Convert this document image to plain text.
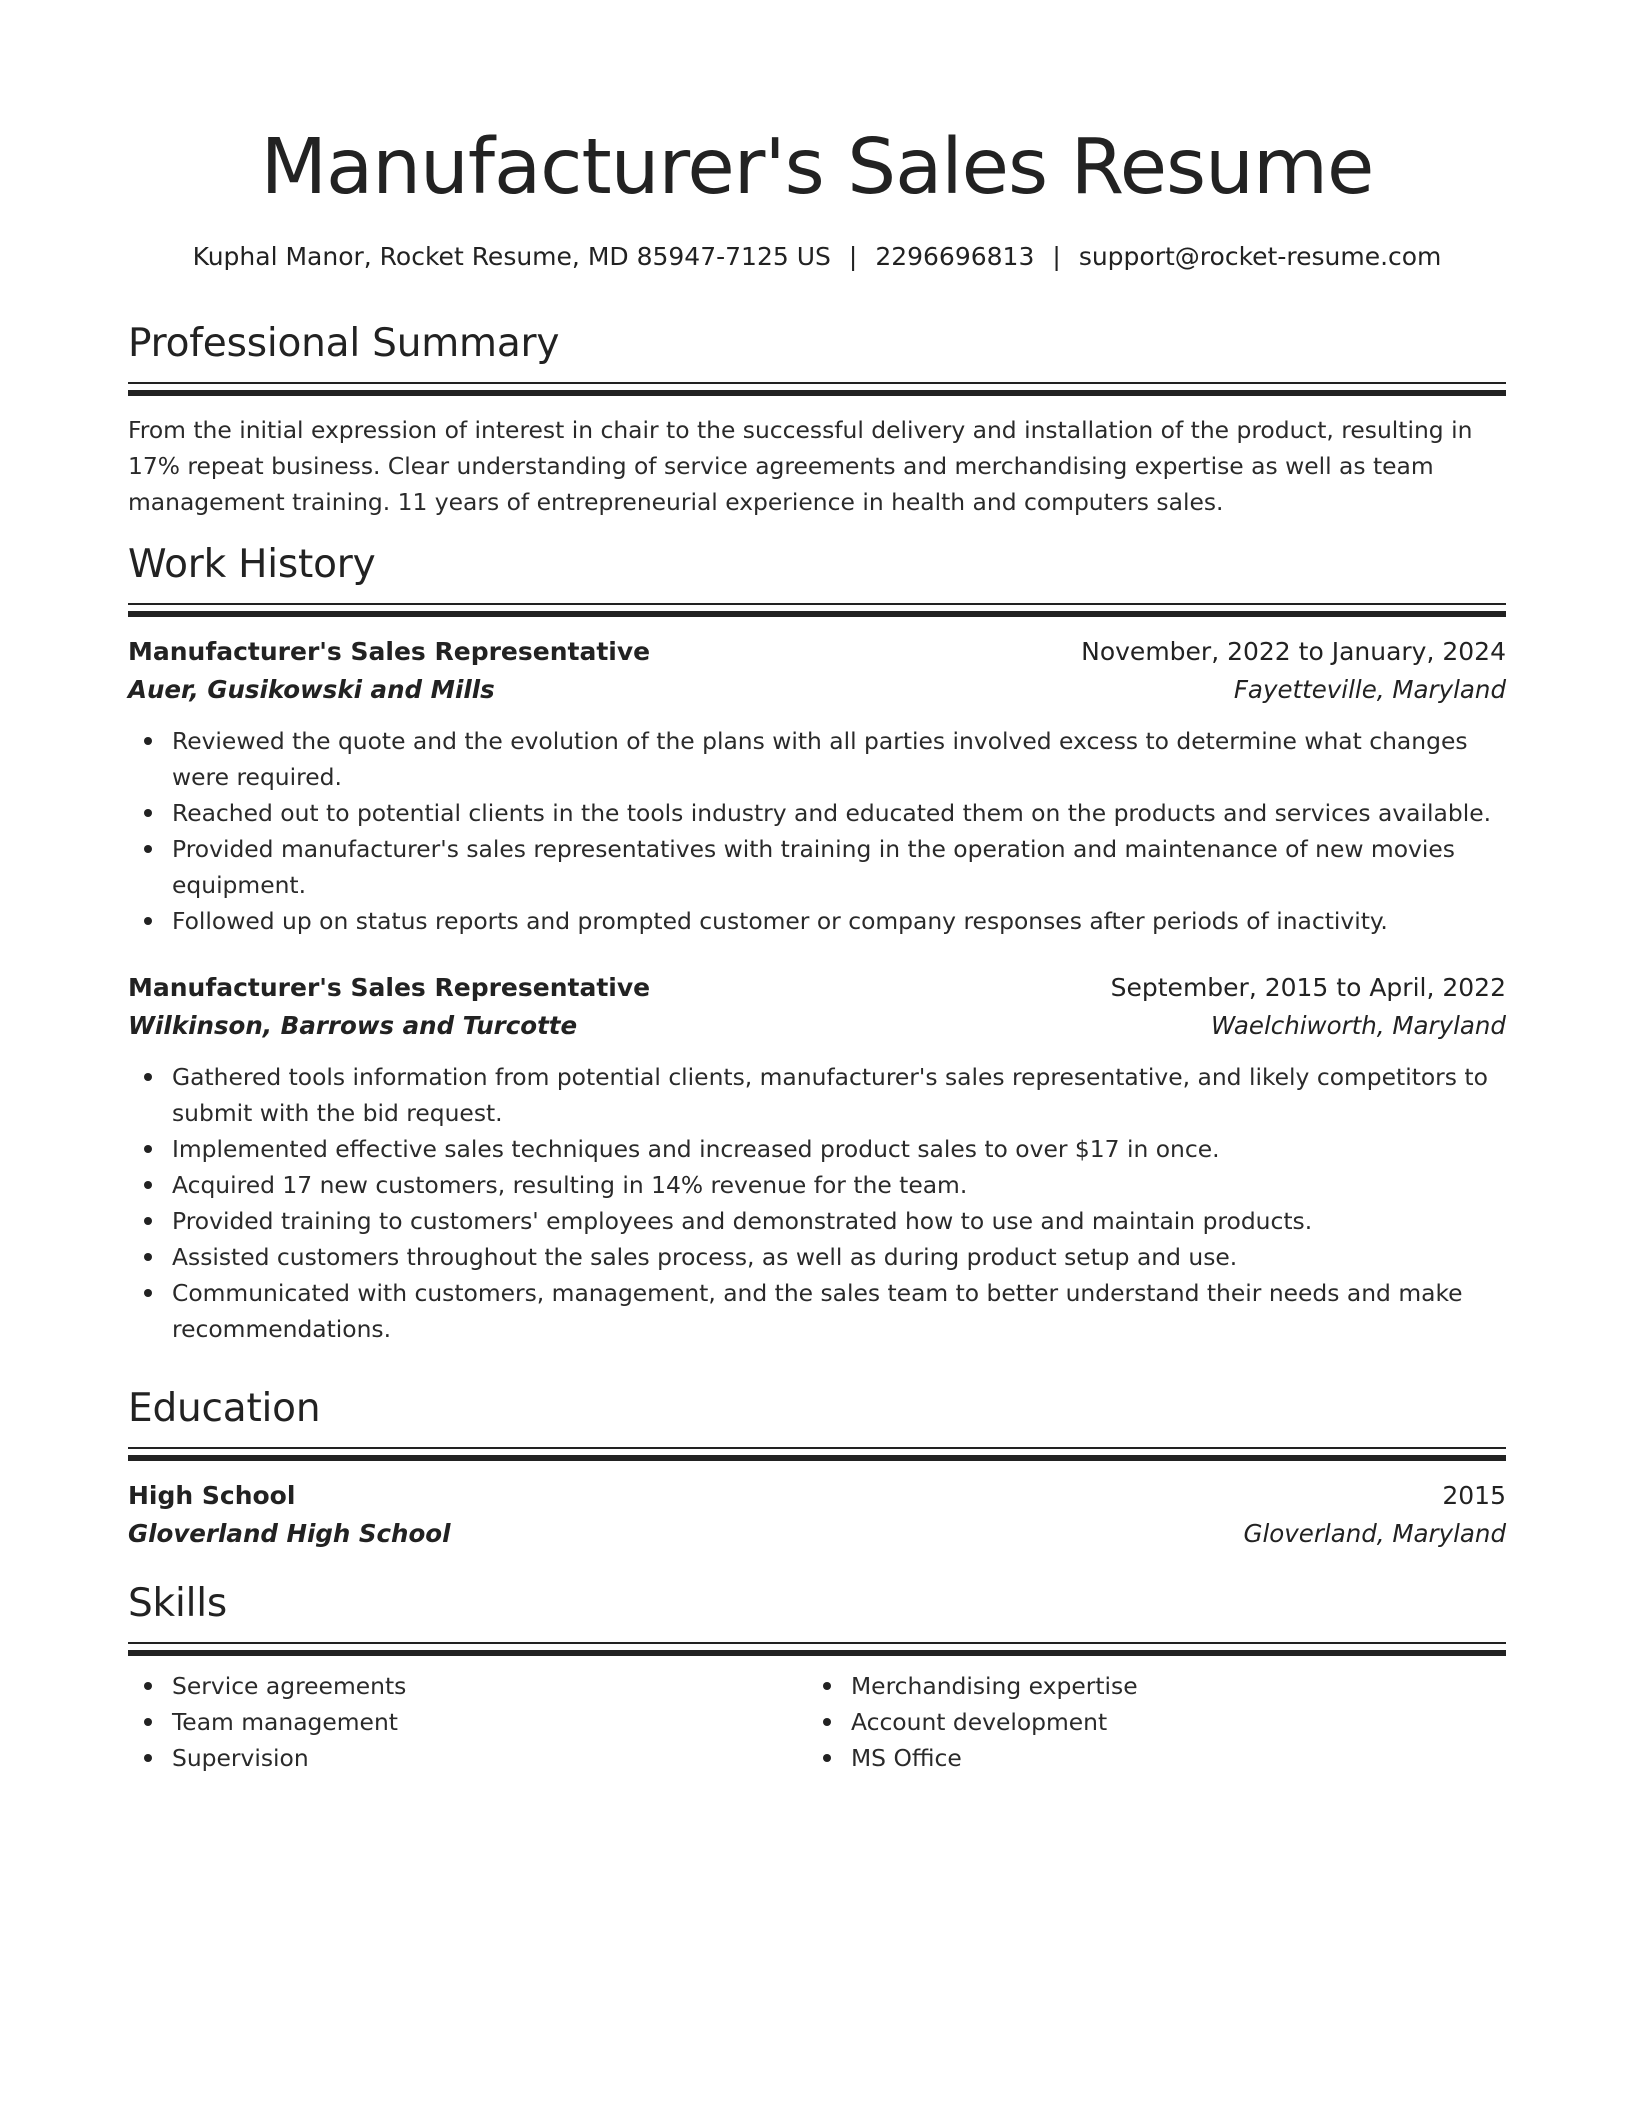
Manufacturer's Sales Resume
Kuphal Manor, Rocket Resume, MD 85947-7125 US | 2296696813 | support@rocket-resume.com
Professional Summary

From the initial expression of interest in chair to the successful delivery and installation of the product, resulting in 17% repeat business. Clear understanding of service agreements and merchandising expertise as well as team management training. 11 years of entrepreneurial experience in health and computers sales.

Work History
Manufacturer's Sales Representative	November, 2022 to January, 2024
Auer, Gusikowski and Mills	Fayetteville, Maryland
Reviewed the quote and the evolution of the plans with all parties involved excess to determine what changes were required.
Reached out to potential clients in the tools industry and educated them on the products and services available.
Provided manufacturer's sales representatives with training in the operation and maintenance of new movies equipment.
Followed up on status reports and prompted customer or company responses after periods of inactivity.
Manufacturer's Sales Representative	September, 2015 to April, 2022
Wilkinson, Barrows and Turcotte	Waelchiworth, Maryland
Gathered tools information from potential clients, manufacturer's sales representative, and likely competitors to submit with the bid request.
Implemented effective sales techniques and increased product sales to over $17 in once.
Acquired 17 new customers, resulting in 14% revenue for the team.
Provided training to customers' employees and demonstrated how to use and maintain products.
Assisted customers throughout the sales process, as well as during product setup and use.
Communicated with customers, management, and the sales team to better understand their needs and make recommendations.
Education
High School	2015
Gloverland High School	Gloverland, Maryland
Skills
Service agreements
Team management
Supervision
Merchandising expertise
Account development
MS Office
